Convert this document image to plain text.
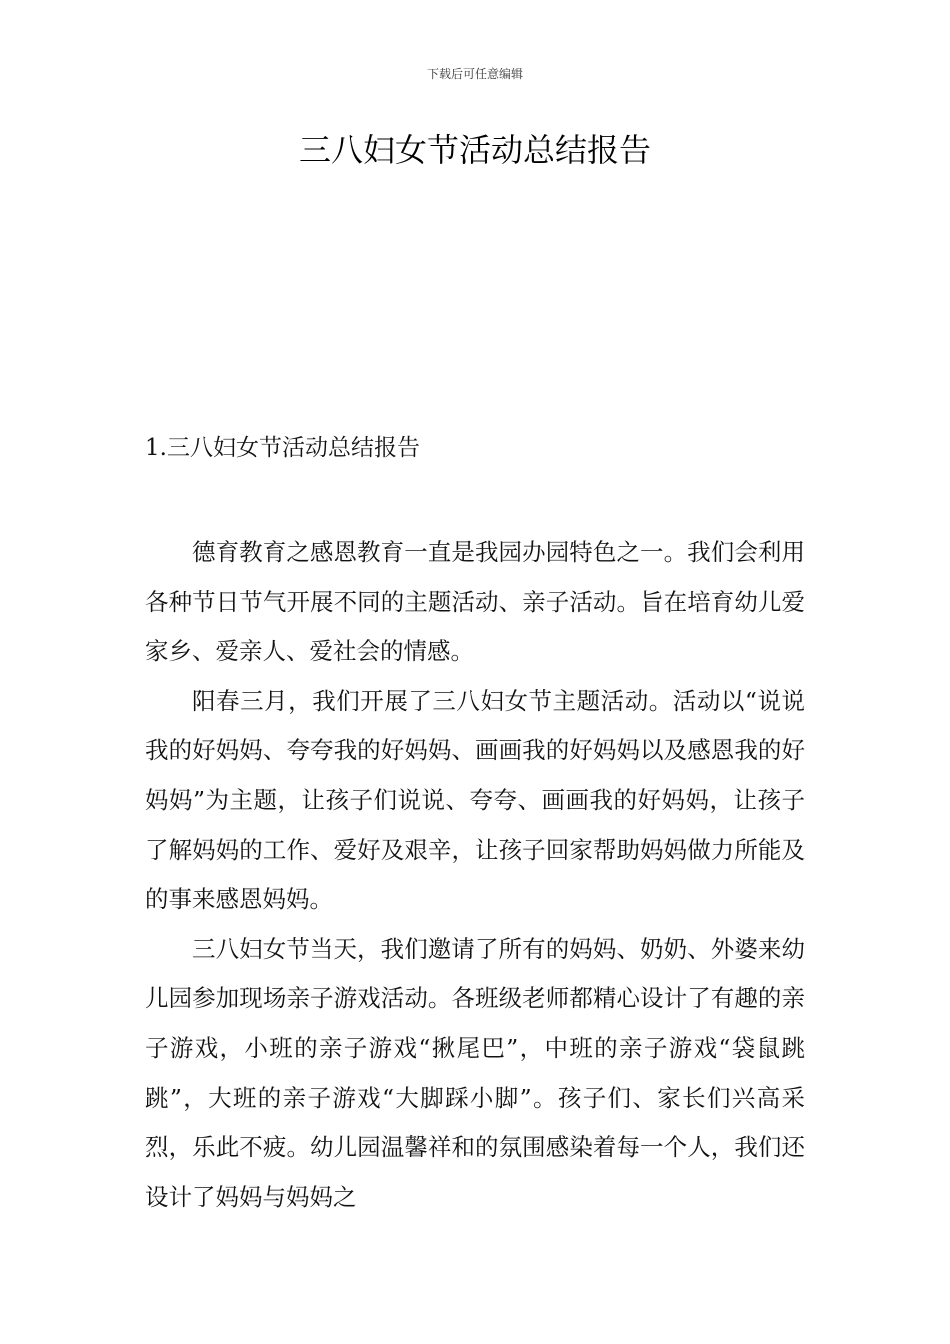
下载后可任意编辑
三八妇女节活动总结报告
1.三八妇女节活动总结报告

德育教育之感恩教育一直是我园办园特色之一。我们会利用各种节日节气开展不同的主题活动、亲子活动。旨在培育幼儿爱家乡、爱亲人、爱社会的情感。

阳春三月，我们开展了三八妇女节主题活动。活动以“说说我的好妈妈、夸夸我的好妈妈、画画我的好妈妈以及感恩我的好妈妈”为主题，让孩子们说说、夸夸、画画我的好妈妈，让孩子了解妈妈的工作、爱好及艰辛，让孩子回家帮助妈妈做力所能及的事来感恩妈妈。

三八妇女节当天，我们邀请了所有的妈妈、奶奶、外婆来幼儿园参加现场亲子游戏活动。各班级老师都精心设计了有趣的亲子游戏，小班的亲子游戏“揪尾巴”，中班的亲子游戏“袋鼠跳跳”，大班的亲子游戏“大脚踩小脚”。孩子们、家长们兴高采烈，乐此不疲。幼儿园温馨祥和的氛围感染着每一个人，我们还设计了妈妈与妈妈之
